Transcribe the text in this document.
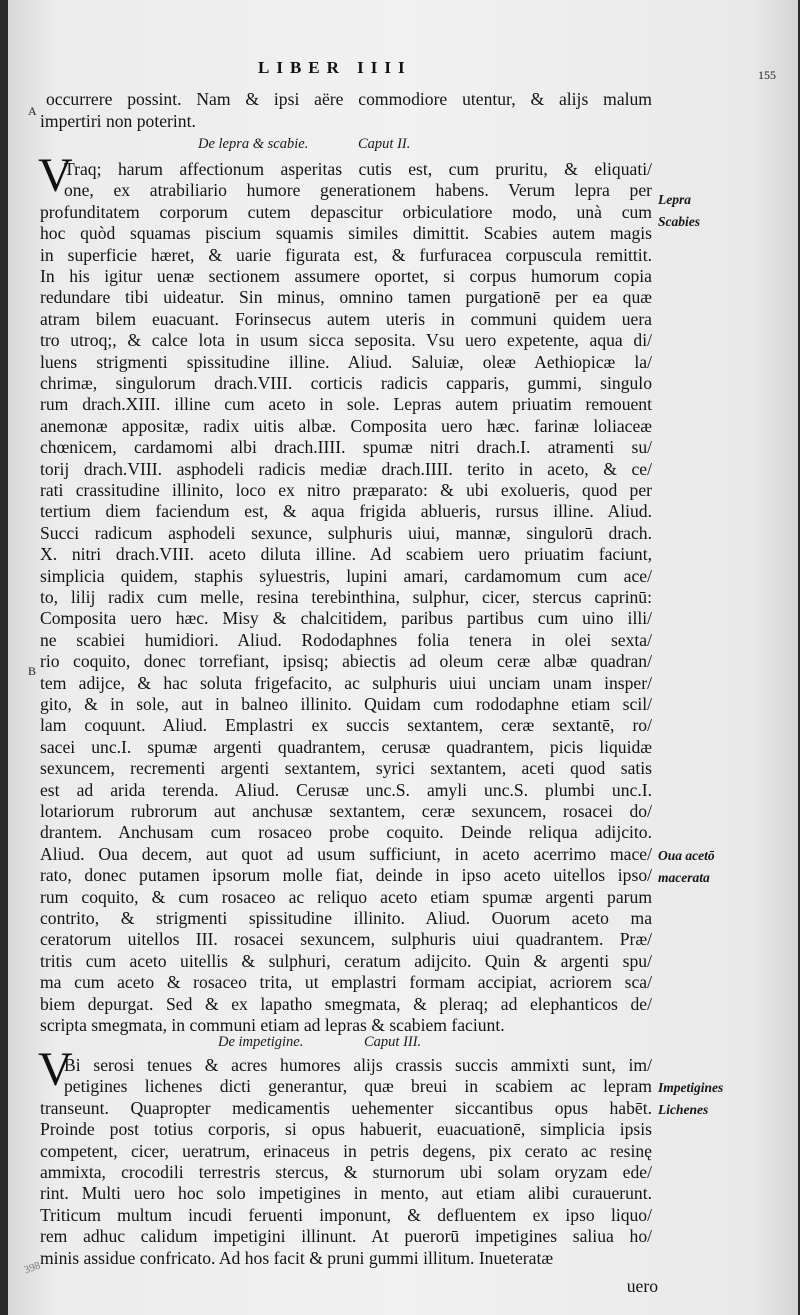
LIBER IIII	155
A
B
398
occurrere possint. Nam & ipsi aëre commodiore utentur, & alijs malum
impertiri non poterint.
De lepra & scabie.	Caput II.
V
Traq; harum affectionum asperitas cutis est, cum pruritu, & eliquati/
one, ex atrabiliario humore generationem habens. Verum lepra per
profunditatem corporum cutem depascitur orbiculatiore modo, unà cum
hoc quòd squamas piscium squamis similes dimittit. Scabies autem magis
in superficie hæret, & uarie figurata est, & furfuracea corpuscula remittit.
In his igitur uenæ sectionem assumere oportet, si corpus humorum copia
redundare tibi uideatur. Sin minus, omnino tamen purgationē per ea quæ
atram bilem euacuant. Forinsecus autem uteris in communi quidem uera
tro utroq;, & calce lota in usum sicca seposita. Vsu uero expetente, aqua di/
luens strigmenti spissitudine illine. Aliud. Saluiæ, oleæ Aethiopicæ la/
chrimæ, singulorum drach.VIII. corticis radicis capparis, gummi, singulo
rum drach.XIII. illine cum aceto in sole. Lepras autem priuatim remouent
anemonæ appositæ, radix uitis albæ. Composita uero hæc. farinæ loliaceæ
chœnicem, cardamomi albi drach.IIII. spumæ nitri drach.I. atramenti su/
torij drach.VIII. asphodeli radicis mediæ drach.IIII. terito in aceto, & ce/
rati crassitudine illinito, loco ex nitro præparato: & ubi exolueris, quod per
tertium diem faciendum est, & aqua frigida ablueris, rursus illine. Aliud.
Succi radicum asphodeli sexunce, sulphuris uiui, mannæ, singulorū drach.
X. nitri drach.VIII. aceto diluta illine. Ad scabiem uero priuatim faciunt,
simplicia quidem, staphis syluestris, lupini amari, cardamomum cum ace/
to, lilij radix cum melle, resina terebinthina, sulphur, cicer, stercus caprinū:
Composita uero hæc. Misy & chalcitidem, paribus partibus cum uino illi/
ne scabiei humidiori. Aliud. Rododaphnes folia tenera in olei sexta/
rio coquito, donec torrefiant, ipsisq; abiectis ad oleum ceræ albæ quadran/
tem adijce, & hac soluta frigefacito, ac sulphuris uiui unciam unam insper/
gito, & in sole, aut in balneo illinito. Quidam cum rododaphne etiam scil/
lam coquunt. Aliud. Emplastri ex succis sextantem, ceræ sextantē, ro/
sacei unc.I. spumæ argenti quadrantem, cerusæ quadrantem, picis liquidæ
sexuncem, recrementi argenti sextantem, syrici sextantem, aceti quod satis
est ad arida terenda. Aliud. Cerusæ unc.S. amyli unc.S. plumbi unc.I.
lotariorum rubrorum aut anchusæ sextantem, ceræ sexuncem, rosacei do/
drantem. Anchusam cum rosaceo probe coquito. Deinde reliqua adijcito.
Aliud. Oua decem, aut quot ad usum sufficiunt, in aceto acerrimo mace/
rato, donec putamen ipsorum molle fiat, deinde in ipso aceto uitellos ipso/
rum coquito, & cum rosaceo ac reliquo aceto etiam spumæ argenti parum
contrito, & strigmenti spissitudine illinito. Aliud. Ouorum aceto ma
ceratorum uitellos III. rosacei sexuncem, sulphuris uiui quadrantem. Præ/
tritis cum aceto uitellis & sulphuri, ceratum adijcito. Quin & argenti spu/
ma cum aceto & rosaceo trita, ut emplastri formam accipiat, acriorem sca/
biem depurgat. Sed & ex lapatho smegmata, & pleraq; ad elephanticos de/
scripta smegmata, in communi etiam ad lepras & scabiem faciunt.
De impetigine.	Caput III.
V
Bi serosi tenues & acres humores alijs crassis succis ammixti sunt, im/
petigines lichenes dicti generantur, quæ breui in scabiem ac lepram
transeunt. Quapropter medicamentis uehementer siccantibus opus habēt.
Proinde post totius corporis, si opus habuerit, euacuationē, simplicia ipsis
competent, cicer, ueratrum, erinaceus in petris degens, pix cerato ac resinę
ammixta, crocodili terrestris stercus, & sturnorum ubi solam oryzam ede/
rint. Multi uero hoc solo impetigines in mento, aut etiam alibi curauerunt.
Triticum multum incudi feruenti imponunt, & defluentem ex ipso liquo/
rem adhuc calidum impetigini illinunt. At puerorū impetigines saliua ho/
minis assidue confricato. Ad hos facit & pruni gummi illitum. Inueteratæ
uero
Lepra
Scabies
Oua acetō
macerata
Impetigines
Lichenes
